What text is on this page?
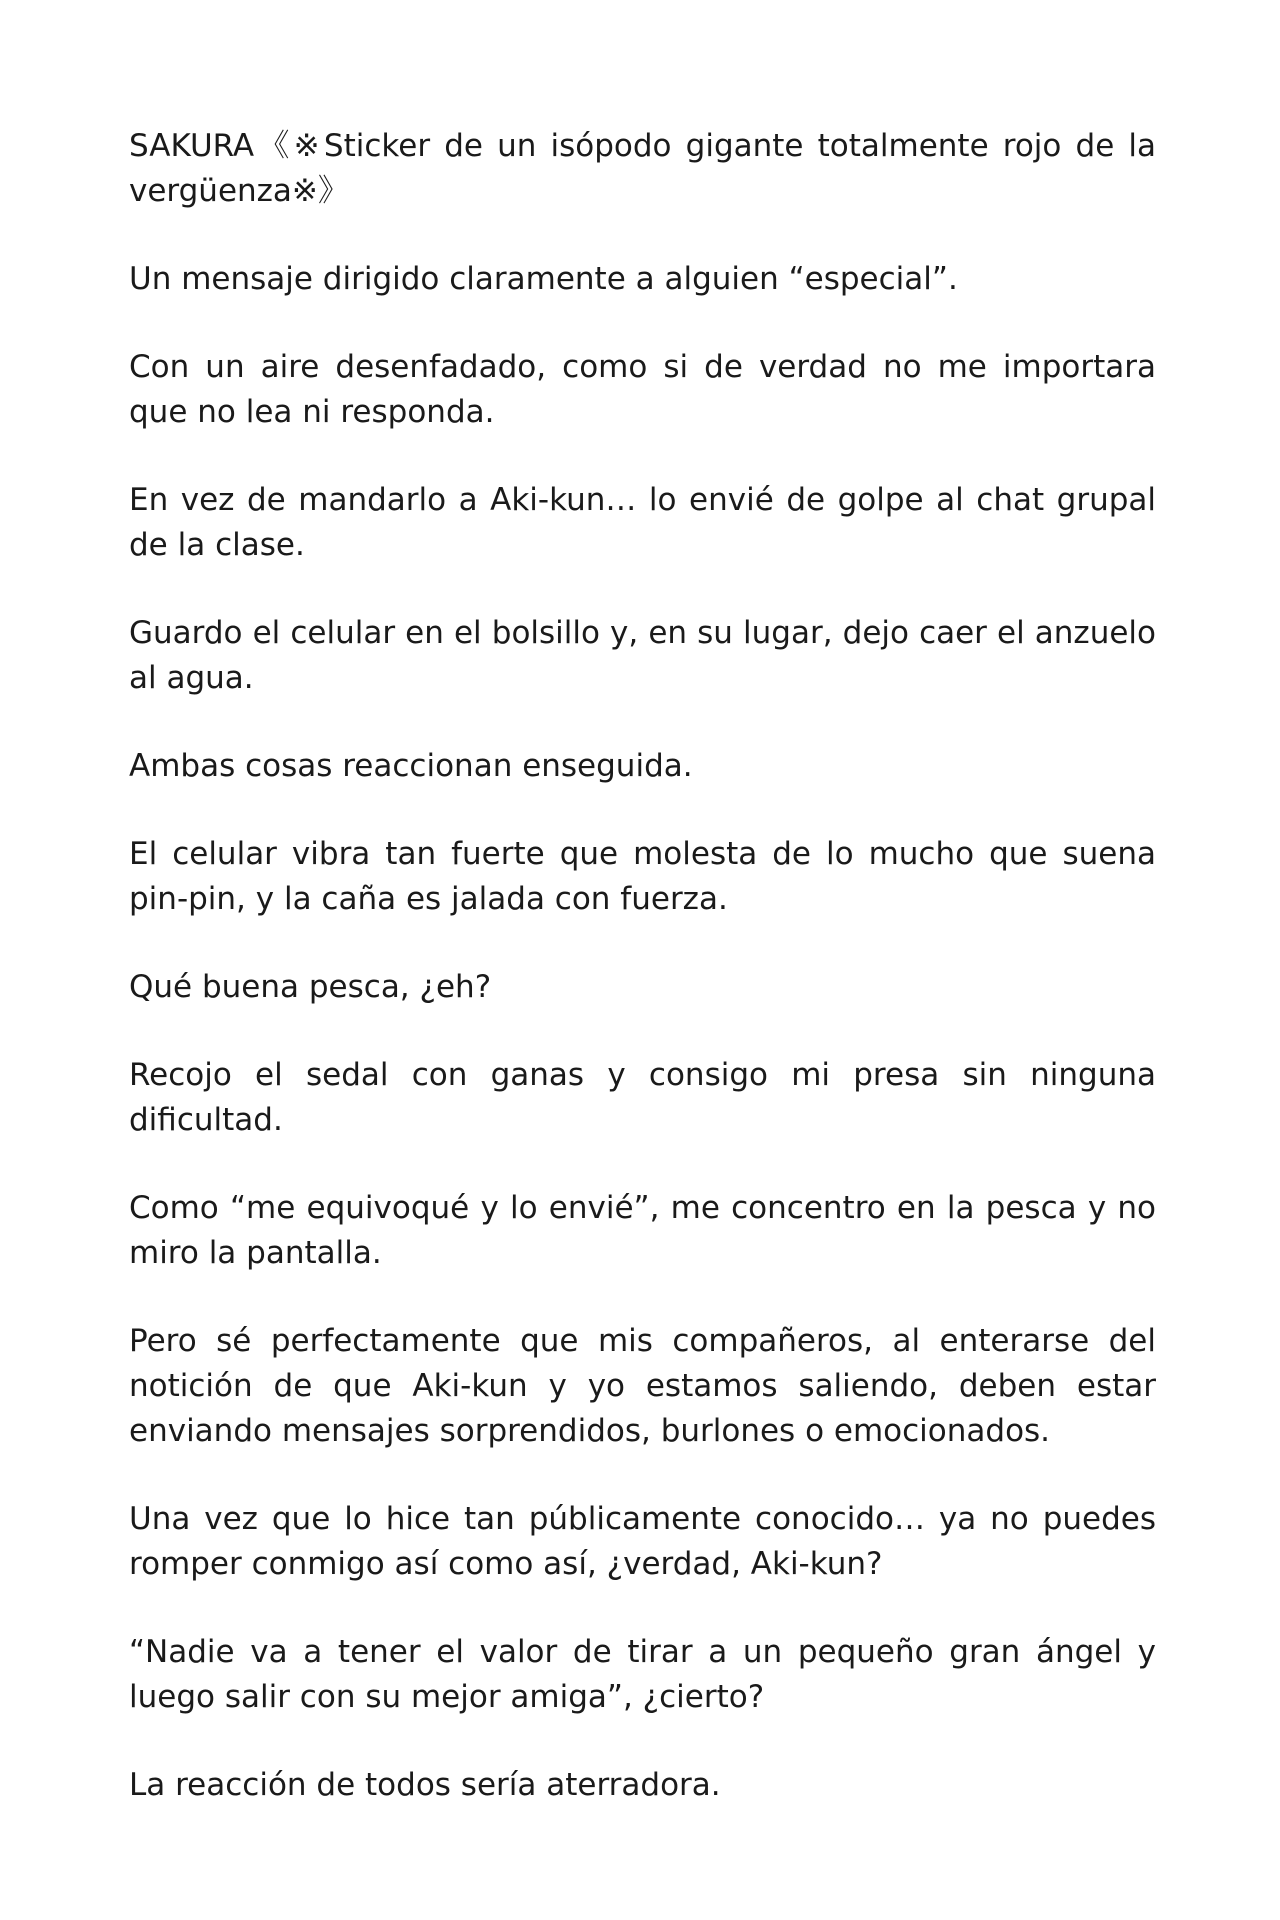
SAKURA《※Sticker de un isópodo gigante totalmente rojo de la vergüenza※》

Un mensaje dirigido claramente a alguien “especial”.

Con un aire desenfadado, como si de verdad no me importara que no lea ni responda.

En vez de mandarlo a Aki-kun… lo envié de golpe al chat grupal de la clase.

Guardo el celular en el bolsillo y, en su lugar, dejo caer el anzuelo al agua.

Ambas cosas reaccionan enseguida.

El celular vibra tan fuerte que molesta de lo mucho que suena pin-pin, y la caña es jalada con fuerza.

Qué buena pesca, ¿eh?

Recojo el sedal con ganas y consigo mi presa sin ninguna dificultad.

Como “me equivoqué y lo envié”, me concentro en la pesca y no miro la pantalla.

Pero sé perfectamente que mis compañeros, al enterarse del notición de que Aki-kun y yo estamos saliendo, deben estar enviando mensajes sorprendidos, burlones o emocionados.

Una vez que lo hice tan públicamente conocido… ya no puedes romper conmigo así como así, ¿verdad, Aki-kun?

“Nadie va a tener el valor de tirar a un pequeño gran ángel y luego salir con su mejor amiga”, ¿cierto?

La reacción de todos sería aterradora.
